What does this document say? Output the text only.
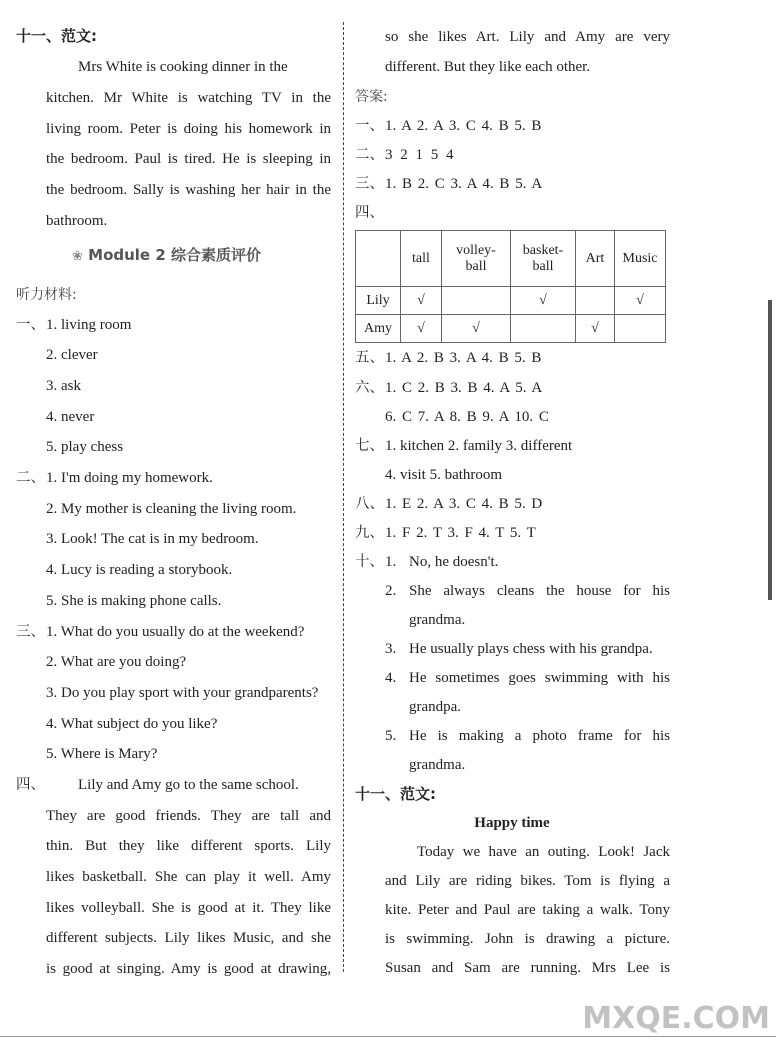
十一、范文:
Mrs White is cooking dinner in the
kitchen. Mr White is watching TV in the
living room. Peter is doing his homework in
the bedroom. Paul is tired. He is sleeping in
the bedroom. Sally is washing her hair in the
bathroom.
❀ Module 2 综合素质评价
听力材料:
一、 1. living room
2. clever
3. ask
4. never
5. play chess
二、 1. I'm doing my homework.
2. My mother is cleaning the living room.
3. Look! The cat is in my bedroom.
4. Lucy is reading a storybook.
5. She is making phone calls.
三、 1. What do you usually do at the weekend?
2. What are you doing?
3. Do you play sport with your grandparents?
4. What subject do you like?
5. Where is Mary?
四、 Lily and Amy go to the same school.
They are good friends. They are tall and
thin. But they like different sports. Lily
likes basketball. She can play it well. Amy
likes volleyball. She is good at it. They like
different subjects. Lily likes Music, and she
is good at singing. Amy is good at drawing,
so she likes Art. Lily and Amy are very
different. But they like each other.
答案:
一、 1. A 2. A 3. C 4. B 5. B
二、 3 2 1 5 4
三、 1. B 2. C 3. A 4. B 5. A
四、
	tall	volley-
ball	basket-
ball	Art	Music
Lily	√		√		√
Amy	√	√		√	
五、 1. A 2. B 3. A 4. B 5. B
六、 1. C 2. B 3. B 4. A 5. A
6. C 7. A 8. B 9. A 10. C
七、 1. kitchen 2. family 3. different
4. visit 5. bathroom
八、 1. E 2. A 3. C 4. B 5. D
九、 1. F 2. T 3. F 4. T 5. T
十、 1. No, he doesn't.
2. She always cleans the house for his
grandma.
3. He usually plays chess with his grandpa.
4. He sometimes goes swimming with his
grandpa.
5. He is making a photo frame for his
grandma.
十一、范文:
Happy time
Today we have an outing. Look! Jack
and Lily are riding bikes. Tom is flying a
kite. Peter and Paul are taking a walk. Tony
is swimming. John is drawing a picture.
Susan and Sam are running. Mrs Lee is
MXQE.COM
